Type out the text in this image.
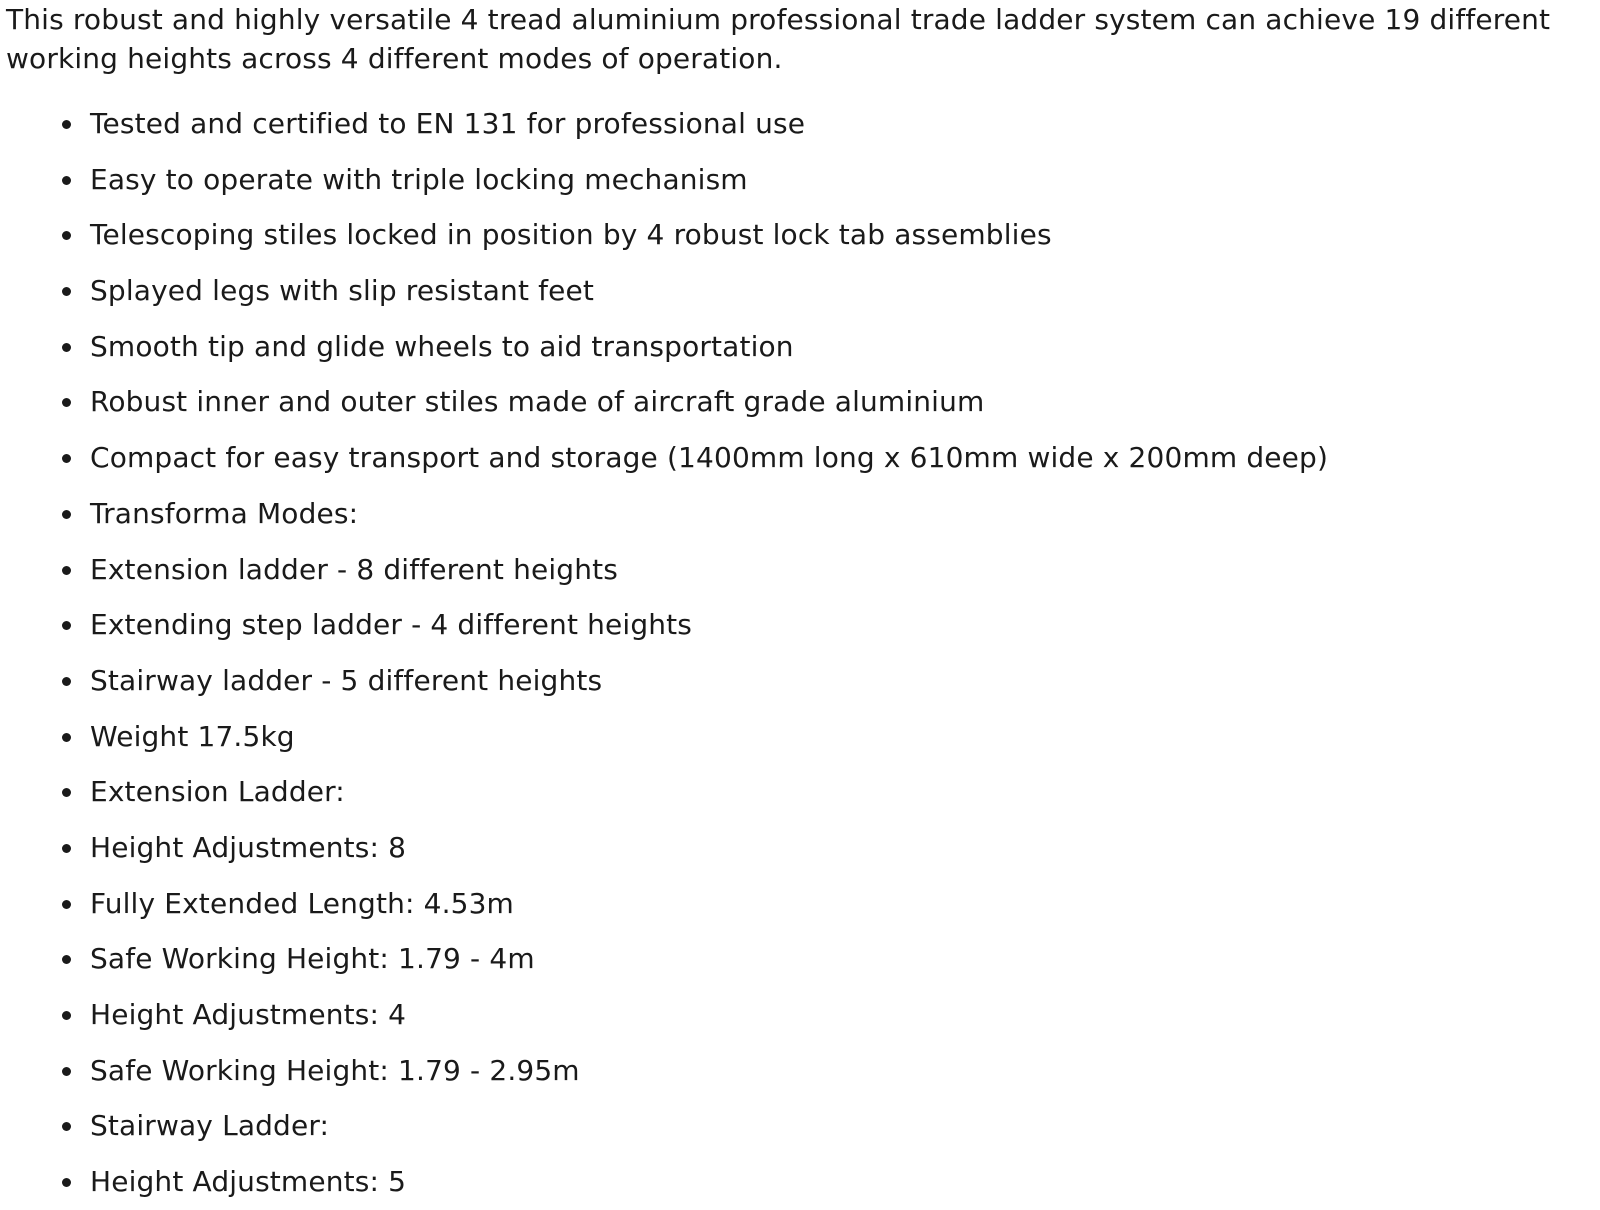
This robust and highly versatile 4 tread aluminium professional trade ladder system can achieve 19 different
working heights across 4 different modes of operation.

Tested and certified to EN 131 for professional use
Easy to operate with triple locking mechanism
Telescoping stiles locked in position by 4 robust lock tab assemblies
Splayed legs with slip resistant feet
Smooth tip and glide wheels to aid transportation
Robust inner and outer stiles made of aircraft grade aluminium
Compact for easy transport and storage (1400mm long x 610mm wide x 200mm deep)
Transforma Modes:
Extension ladder - 8 different heights
Extending step ladder - 4 different heights
Stairway ladder - 5 different heights
Weight 17.5kg
Extension Ladder:
Height Adjustments: 8
Fully Extended Length: 4.53m
Safe Working Height: 1.79 - 4m
Height Adjustments: 4
Safe Working Height: 1.79 - 2.95m
Stairway Ladder:
Height Adjustments: 5
